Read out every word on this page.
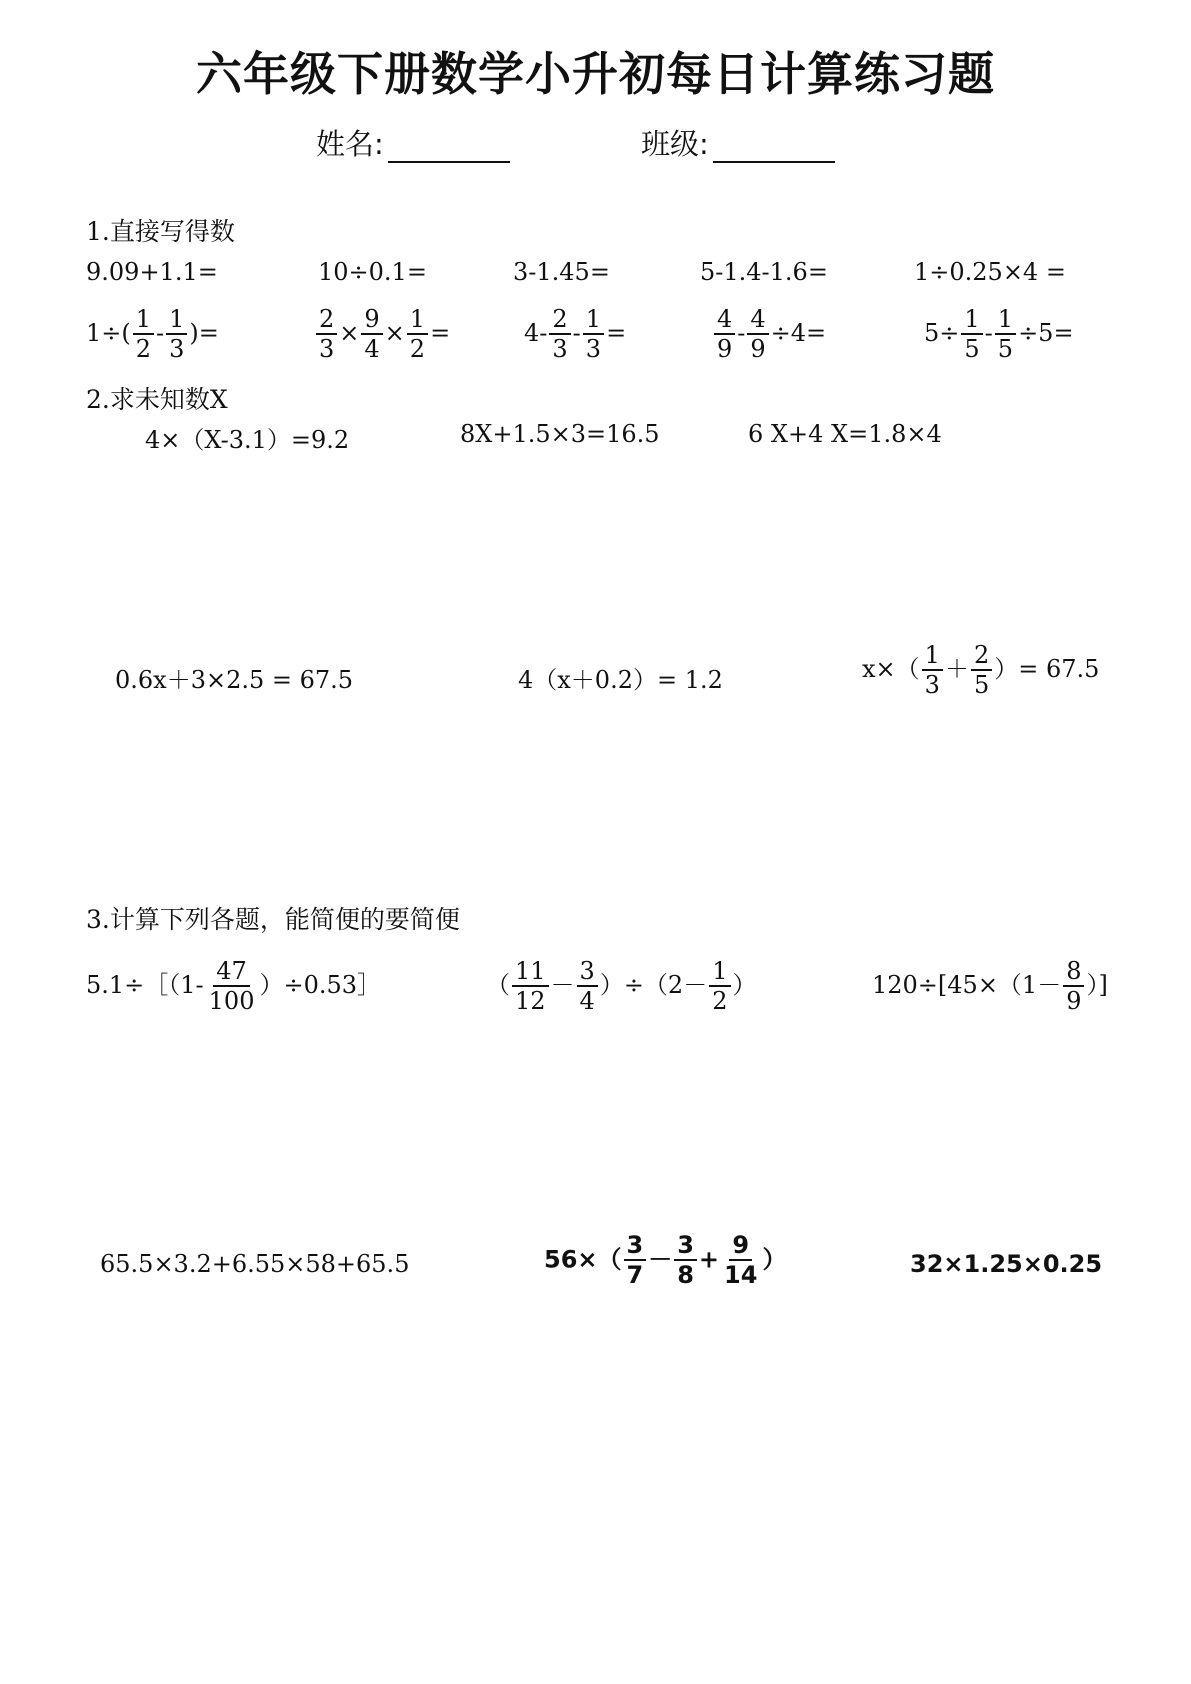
六年级下册数学小升初每日计算练习题
姓名:	班级:
1.直接写得数
9.09+1.1=	10÷0.1=	3-1.45=	5-1.4-1.6=	1÷0.25×4 =
$1\div( \frac{1}{2} - \frac{1}{3}$ )=	$\frac{2}{3} \times \frac{9}{4} \times \frac{1}{2}$ =	$4- \frac{2}{3} - \frac{1}{3}$ =	$\frac{4}{9} - \frac{4}{9} \div 4=$	$5\div \frac{1}{5} - \frac{1}{5} \div 5=$
2.求未知数X
4×（X-3.1）=9.2	8X+1.5×3=16.5	6 X+4 X=1.8×4
0.6x＋3×2.5 = 67.5	4（x＋0.2）= 1.2	$x\times( \frac{1}{3} + \frac{2}{5}$ ）= 67.5
3.计算下列各题，能简便的要简便
5.1÷［（1- $\frac{47}{100}$ ）÷0.53］	（ $\frac{11}{12} - \frac{3}{4} )\div(2- \frac{1}{2}$ ）	$120\div[45\times(1- \frac{8}{9}$ ）]
65.5×3.2+6.55×58+65.5	$56\times( \frac{3}{7} - \frac{3}{8} + \frac{9}{14}$ ）	32×1.25×0.25
